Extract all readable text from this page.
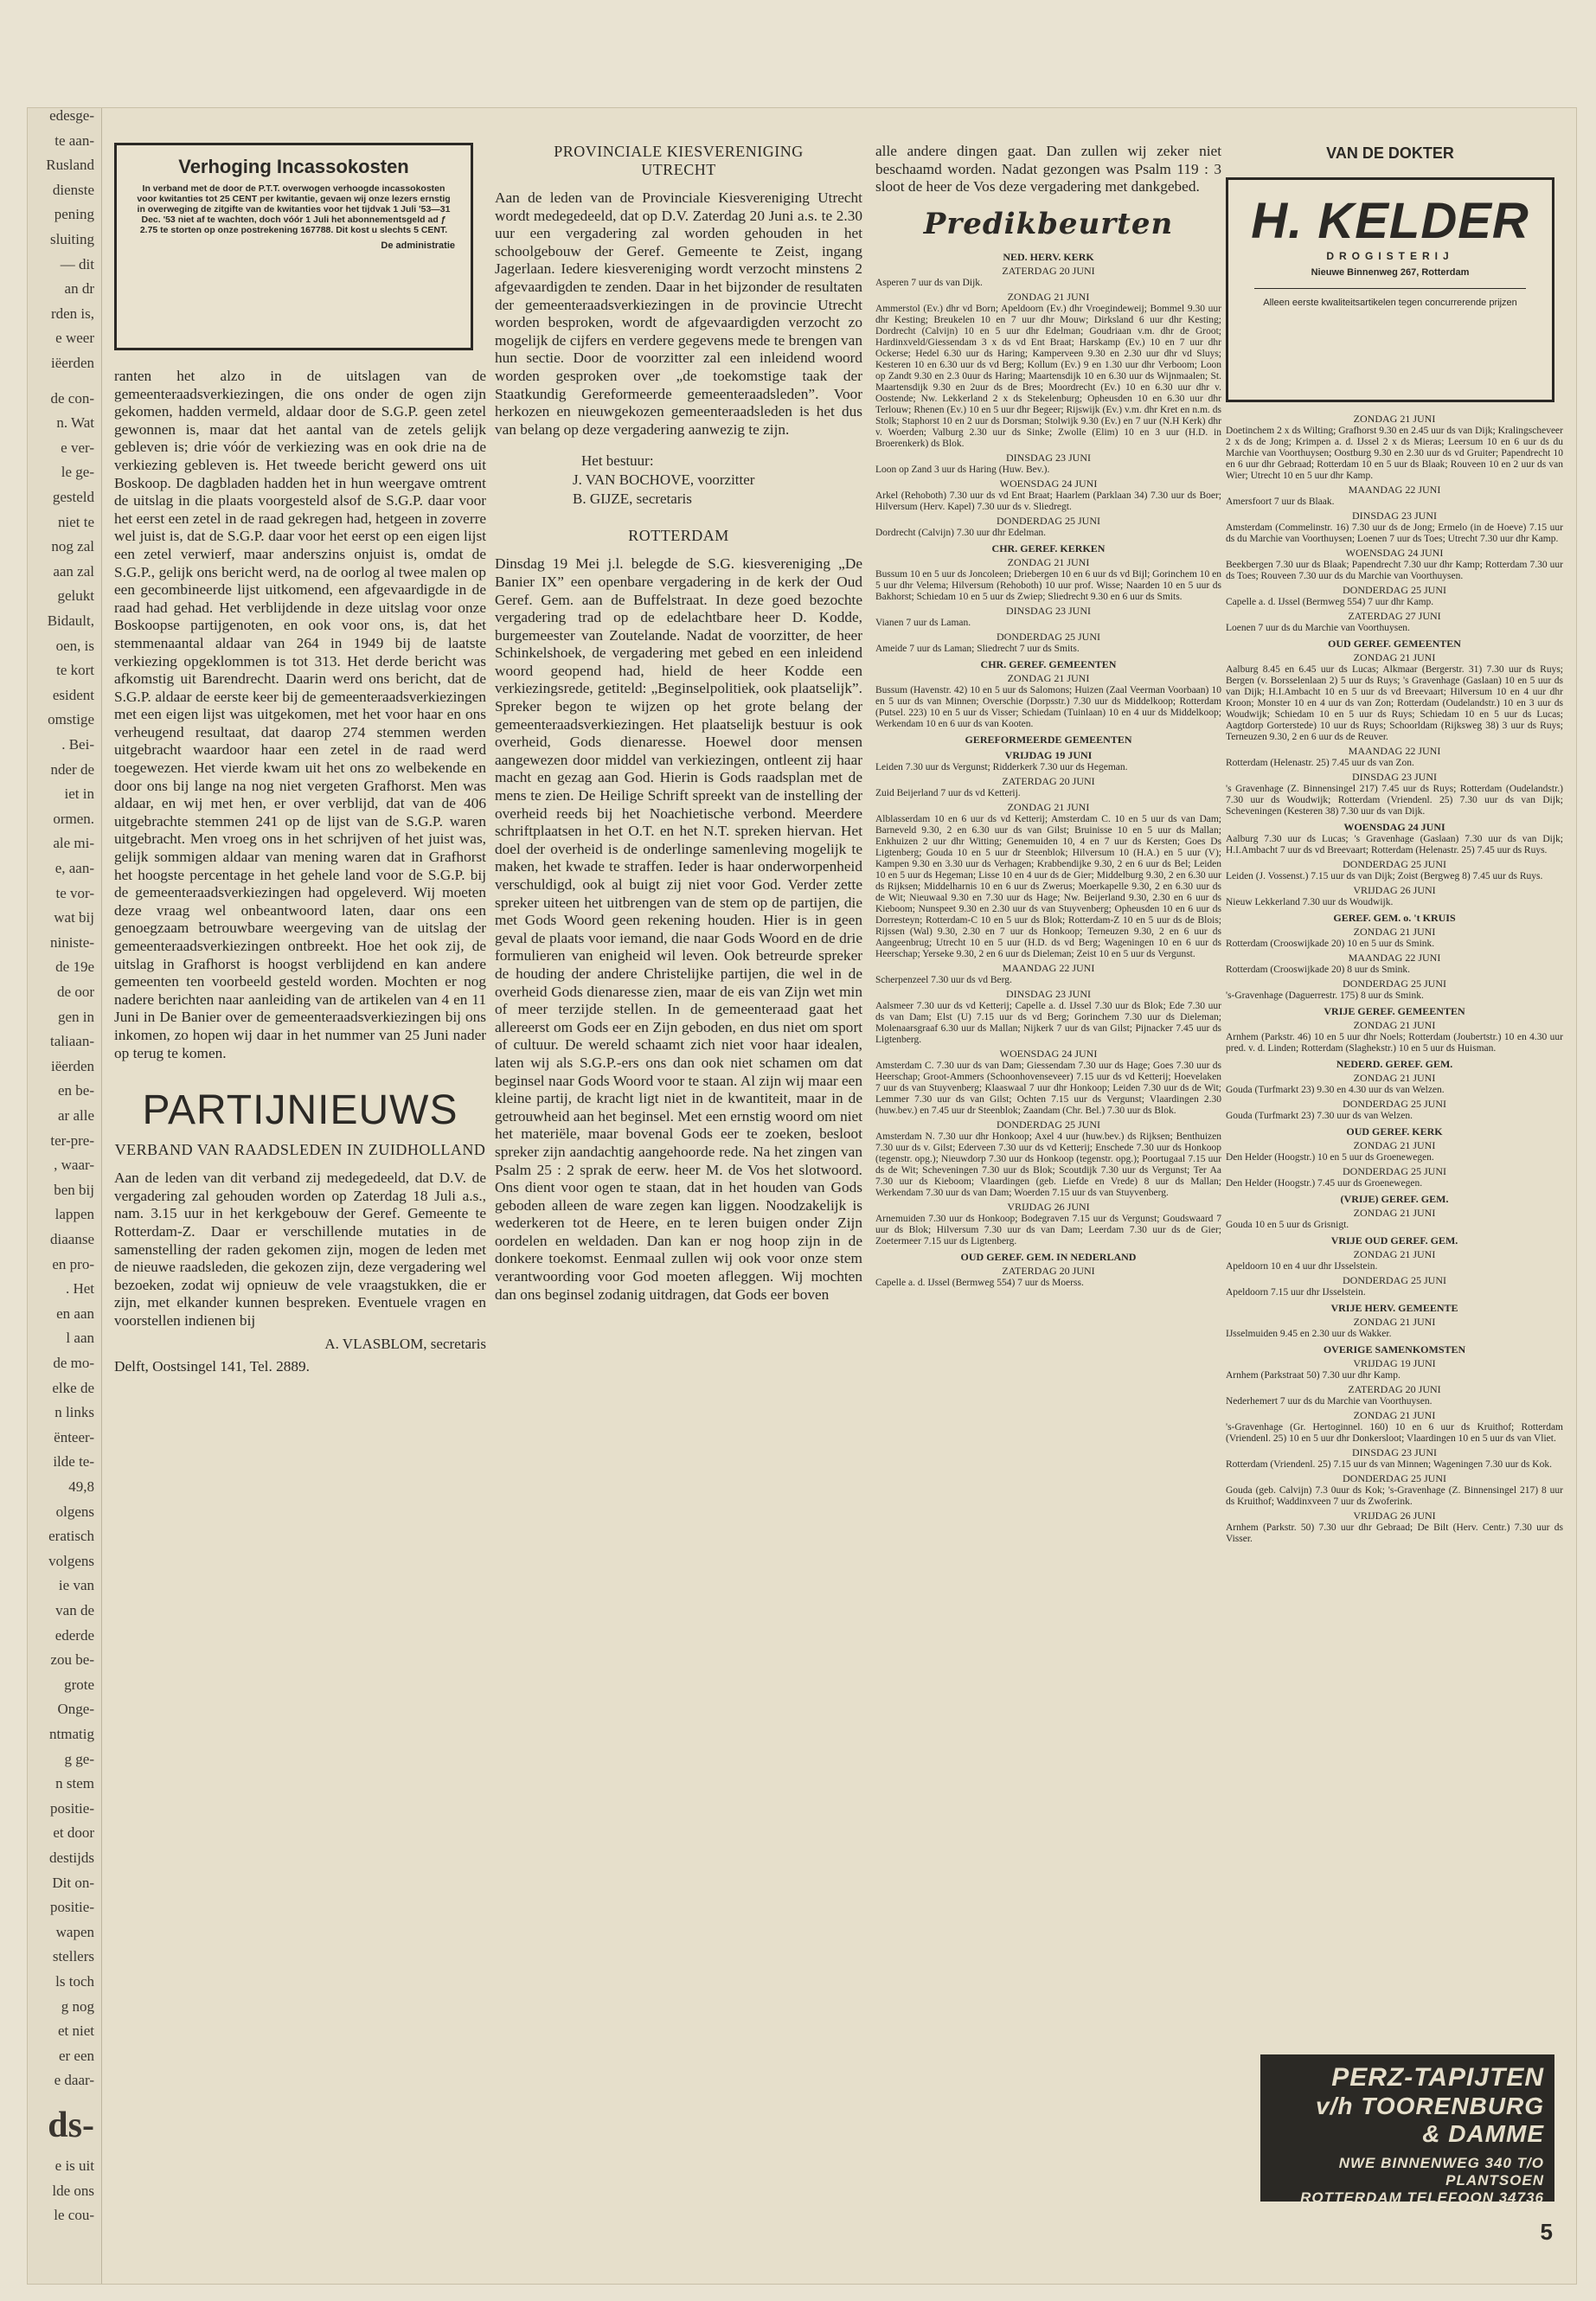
edesge-
te aan-
Rusland
dienste
pening
sluiting
— dit
an dr
rden is,
e weer
iëerden
de con-
n. Wat
e ver-
le ge-
gesteld
niet te
nog zal
aan zal
gelukt
Bidault,
oen, is
te kort
esident
omstige
. Bei-
nder de
iet in
ormen.
ale mi-
e, aan-
te vor-
wat bij
niniste-
de 19e
de oor
gen in
taliaan-
iëerden
en be-
ar alle
ter-pre-
, waar-
ben bij
lappen
diaanse
en pro-
. Het
en aan
l aan
de mo-
elke de
n links
ënteer-
ilde te-
49,8
olgens
eratisch
volgens
ie van
van de
ederde
zou be-
grote
Onge-
ntmatig
g ge-
n stem
positie-
et door
destijds
Dit on-
positie-
wapen
stellers
ls toch
g nog
et niet
er een
e daar-
ds-
e is uit
lde ons
le cou-
Verhoging Incassokosten
In verband met de door de P.T.T. overwogen verhoogde incassokosten voor kwitanties tot 25 CENT per kwitantie, gevaen wij onze lezers ernstig in overweging de zitgifte van de kwitanties voor het tijdvak 1 Juli '53—31 Dec. '53 niet af te wachten, doch vóór 1 Juli het abonnementsgeld ad ƒ 2.75 te storten op onze postrekening 167788. Dit kost u slechts 5 CENT.
De administratie
ranten het alzo in de uitslagen van de gemeenteraadsverkiezingen, die ons onder de ogen zijn gekomen, hadden vermeld, aldaar door de S.G.P. geen zetel gewonnen is, maar dat het aantal van de zetels gelijk gebleven is; drie vóór de verkiezing was en ook drie na de verkiezing gebleven is. Het tweede bericht gewerd ons uit Boskoop. De dagbladen hadden het in hun weergave omtrent de uitslag in die plaats voorgesteld alsof de S.G.P. daar voor het eerst een zetel in de raad gekregen had, hetgeen in zoverre wel juist is, dat de S.G.P. daar voor het eerst op een eigen lijst een zetel verwierf, maar anderszins onjuist is, omdat de S.G.P., gelijk ons bericht werd, na de oorlog al twee malen op een gecombineerde lijst uitkomend, een afgevaardigde in de raad had gehad. Het verblijdende in deze uitslag voor onze Boskoopse partijgenoten, en ook voor ons, is, dat het stemmenaantal aldaar van 264 in 1949 bij de laatste verkiezing opgeklommen is tot 313. Het derde bericht was afkomstig uit Barendrecht. Daarin werd ons bericht, dat de S.G.P. aldaar de eerste keer bij de gemeenteraadsverkiezingen met een eigen lijst was uitgekomen, met het voor haar en ons verheugend resultaat, dat daarop 274 stemmen werden uitgebracht waardoor haar een zetel in de raad werd toegewezen. Het vierde kwam uit het ons zo welbekende en door ons bij lange na nog niet vergeten Grafhorst. Men was aldaar, en wij met hen, er over verblijd, dat van de 406 uitgebrachte stemmen 241 op de lijst van de S.G.P. waren uitgebracht. Men vroeg ons in het schrijven of het juist was, gelijk sommigen aldaar van mening waren dat in Grafhorst het hoogste percentage in het gehele land voor de S.G.P. bij de gemeenteraadsverkiezingen had opgeleverd. Wij moeten deze vraag wel onbeantwoord laten, daar ons een genoegzaam betrouwbare weergeving van de uitslag der gemeenteraadsverkiezingen ontbreekt. Hoe het ook zij, de uitslag in Grafhorst is hoogst verblijdend en kan andere gemeenten ten voorbeeld gesteld worden. Mochten er nog nadere berichten naar aanleiding van de artikelen van 4 en 11 Juni in De Banier over de gemeenteraadsverkiezingen bij ons inkomen, zo hopen wij daar in het nummer van 25 Juni nader op terug te komen.
PARTIJNIEUWS
VERBAND VAN RAADSLEDEN IN ZUIDHOLLAND
Aan de leden van dit verband zij medegedeeld, dat D.V. de vergadering zal gehouden worden op Zaterdag 18 Juli a.s., nam. 3.15 uur in het kerkgebouw der Geref. Gemeente te Rotterdam-Z. Daar er verschillende mutaties in de samenstelling der raden gekomen zijn, mogen de leden met de nieuwe raadsleden, die gekozen zijn, deze vergadering wel bezoeken, zodat wij opnieuw de vele vraagstukken, die er zijn, met elkander kunnen bespreken. Eventuele vragen en voorstellen indienen bij
A. VLASBLOM, secretaris
Delft, Oostsingel 141, Tel. 2889.
PROVINCIALE KIESVERENIGING UTRECHT
Aan de leden van de Provinciale Kiesvereniging Utrecht wordt medegedeeld, dat op D.V. Zaterdag 20 Juni a.s. te 2.30 uur een vergadering zal worden gehouden in het schoolgebouw der Geref. Gemeente te Zeist, ingang Jagerlaan. Iedere kiesvereniging wordt verzocht minstens 2 afgevaardigden te zenden. Daar in het bijzonder de resultaten der gemeenteraadsverkiezingen in de provincie Utrecht worden besproken, wordt de afgevaardigden verzocht zo mogelijk de cijfers en verdere gegevens mede te brengen van hun sectie. Door de voorzitter zal een inleidend woord worden gesproken over „de toekomstige taak der Staatkundig Gereformeerde gemeenteraadsleden”. Voor herkozen en nieuwgekozen gemeenteraadsleden is het dus van belang op deze vergadering aanwezig te zijn.
Het bestuur:
J. VAN BOCHOVE, voorzitter
B. GIJZE, secretaris
ROTTERDAM
Dinsdag 19 Mei j.l. belegde de S.G. kiesvereniging „De Banier IX” een openbare vergadering in de kerk der Oud Geref. Gem. aan de Buffelstraat. In deze goed bezochte vergadering trad op de edelachtbare heer D. Kodde, burgemeester van Zoutelande. Nadat de voorzitter, de heer Schinkelshoek, de vergadering met gebed en een inleidend woord geopend had, hield de heer Kodde een verkiezingsrede, getiteld: „Beginselpolitiek, ook plaatselijk”. Spreker begon te wijzen op het grote belang der gemeenteraadsverkiezingen. Het plaatselijk bestuur is ook overheid, Gods dienaresse. Hoewel door mensen aangewezen door middel van verkiezingen, ontleent zij haar macht en gezag aan God. Hierin is Gods raadsplan met de mens te zien. De Heilige Schrift spreekt van de instelling der overheid reeds bij het Noachietische verbond. Meerdere schriftplaatsen in het O.T. en het N.T. spreken hiervan. Het doel der overheid is de onderlinge samenleving mogelijk te maken, het kwade te straffen. Ieder is haar onderworpenheid verschuldigd, ook al buigt zij niet voor God. Verder zette spreker uiteen het uitbrengen van de stem op de partijen, die met Gods Woord geen rekening houden. Hier is in geen geval de plaats voor iemand, die naar Gods Woord en de drie formulieren van enigheid wil leven. Ook betreurde spreker de houding der andere Christelijke partijen, die wel in de overheid Gods dienaresse zien, maar de eis van Zijn wet min of meer terzijde stellen. In de gemeenteraad gaat het allereerst om Gods eer en Zijn geboden, en dus niet om sport of cultuur. De wereld schaamt zich niet voor haar idealen, laten wij als S.G.P.-ers ons dan ook niet schamen om dat beginsel naar Gods Woord voor te staan. Al zijn wij maar een kleine partij, de kracht ligt niet in de kwantiteit, maar in de getrouwheid aan het beginsel. Met een ernstig woord om niet het materiële, maar bovenal Gods eer te zoeken, besloot spreker zijn aandachtig aangehoorde rede. Na het zingen van Psalm 25 : 2 sprak de eerw. heer M. de Vos het slotwoord. Ons dient voor ogen te staan, dat in het houden van Gods geboden alleen de ware zegen kan liggen. Noodzakelijk is wederkeren tot de Heere, en te leren buigen onder Zijn oordelen en weldaden. Dan kan er nog hoop zijn in de donkere toekomst. Eenmaal zullen wij ook voor onze stem verantwoording voor God moeten afleggen. Wij mochten dan ons beginsel zodanig uitdragen, dat Gods eer boven
alle andere dingen gaat. Dan zullen wij zeker niet beschaamd worden. Nadat gezongen was Psalm 119 : 3 sloot de heer de Vos deze vergadering met dankgebed.
Predikbeurten
NED. HERV. KERK
ZATERDAG 20 JUNI
Asperen 7 uur ds van Dijk.
ZONDAG 21 JUNI
Ammerstol (Ev.) dhr vd Born; Apeldoorn (Ev.) dhr Vroegindeweij; Bommel 9.30 uur dhr Kesting; Breukelen 10 en 7 uur dhr Mouw; Dirksland 6 uur dhr Kesting; Dordrecht (Calvijn) 10 en 5 uur dhr Edelman; Goudriaan v.m. dhr de Groot; Hardinxveld/Giessendam 3 x ds vd Ent Braat; Harskamp (Ev.) 10 en 7 uur dhr Ockerse; Hedel 6.30 uur ds Haring; Kamperveen 9.30 en 2.30 uur dhr vd Sluys; Kesteren 10 en 6.30 uur ds vd Berg; Kollum (Ev.) 9 en 1.30 uur dhr Verboom; Loon op Zandt 9.30 en 2.3 0uur ds Haring; Maartensdijk 10 en 6.30 uur ds Wijnmaalen; St. Maartensdijk 9.30 en 2uur ds de Bres; Moordrecht (Ev.) 10 en 6.30 uur dhr v. Oostende; Nw. Lekkerland 2 x ds Stekelenburg; Opheusden 10 en 6.30 uur dhr Terlouw; Rhenen (Ev.) 10 en 5 uur dhr Begeer; Rijswijk (Ev.) v.m. dhr Kret en n.m. ds Stolk; Staphorst 10 en 2 uur ds Dorsman; Stolwijk 9.30 (Ev.) en 7 uur (N.H Kerk) dhr v. Woerden; Valburg 2.30 uur ds Sinke; Zwolle (Elim) 10 en 3 uur (H.D. in Broerenkerk) ds Blok.
DINSDAG 23 JUNI
Loon op Zand 3 uur ds Haring (Huw. Bev.).
WOENSDAG 24 JUNI
Arkel (Rehoboth) 7.30 uur ds vd Ent Braat; Haarlem (Parklaan 34) 7.30 uur ds Boer; Hilversum (Herv. Kapel) 7.30 uur ds v. Sliedregt.
DONDERDAG 25 JUNI
Dordrecht (Calvijn) 7.30 uur dhr Edelman.
CHR. GEREF. KERKEN
ZONDAG 21 JUNI
Bussum 10 en 5 uur ds Joncoleen; Driebergen 10 en 6 uur ds vd Bijl; Gorinchem 10 en 5 uur dhr Velema; Hilversum (Rehoboth) 10 uur prof. Wisse; Naarden 10 en 5 uur ds Bakhorst; Schiedam 10 en 5 uur ds Zwiep; Sliedrecht 9.30 en 6 uur ds Smits.
DINSDAG 23 JUNI
Vianen 7 uur ds Laman.
DONDERDAG 25 JUNI
Ameide 7 uur ds Laman; Sliedrecht 7 uur ds Smits.
CHR. GEREF. GEMEENTEN
ZONDAG 21 JUNI
Bussum (Havenstr. 42) 10 en 5 uur ds Salomons; Huizen (Zaal Veerman Voorbaan) 10 en 5 uur ds van Minnen; Overschie (Dorpsstr.) 7.30 uur ds Middelkoop; Rotterdam (Putsel. 223) 10 en 5 uur ds Visser; Schiedam (Tuinlaan) 10 en 4 uur ds Middelkoop; Werkendam 10 en 6 uur ds van Kooten.
GEREFORMEERDE GEMEENTEN
VRIJDAG 19 JUNI
Leiden 7.30 uur ds Vergunst; Ridderkerk 7.30 uur ds Hegeman.
ZATERDAG 20 JUNI
Zuid Beijerland 7 uur ds vd Ketterij.
ZONDAG 21 JUNI
Alblasserdam 10 en 6 uur ds vd Ketterij; Amsterdam C. 10 en 5 uur ds van Dam; Barneveld 9.30, 2 en 6.30 uur ds van Gilst; Bruinisse 10 en 5 uur ds Mallan; Enkhuizen 2 uur dhr Witting; Genemuiden 10, 4 en 7 uur ds Kersten; Goes Ds Ligtenberg; Gouda 10 en 5 uur dr Steenblok; Hilversum 10 (H.A.) en 5 uur (V); Kampen 9.30 en 3.30 uur ds Verhagen; Krabbendijke 9.30, 2 en 6 uur ds Bel; Leiden 10 en 5 uur ds Hegeman; Lisse 10 en 4 uur ds de Gier; Middelburg 9.30, 2 en 6.30 uur ds Rijksen; Middelharnis 10 en 6 uur ds Zwerus; Moerkapelle 9.30, 2 en 6.30 uur ds de Wit; Nieuwaal 9.30 en 7.30 uur ds Hage; Nw. Beijerland 9.30, 2.30 en 6 uur ds Kieboom; Nunspeet 9.30 en 2.30 uur ds van Stuyvenberg; Opheusden 10 en 6 uur ds Dorresteyn; Rotterdam-C 10 en 5 uur ds Blok; Rotterdam-Z 10 en 5 uur ds de Blois; Rijssen (Wal) 9.30, 2.30 en 7 uur ds Honkoop; Terneuzen 9.30, 2 en 6 uur ds Aangeenbrug; Utrecht 10 en 5 uur (H.D. ds vd Berg; Wageningen 10 en 6 uur ds Heerschap; Yerseke 9.30, 2 en 6 uur ds Dieleman; Zeist 10 en 5 uur ds Vergunst.
MAANDAG 22 JUNI
Scherpenzeel 7.30 uur ds vd Berg.
DINSDAG 23 JUNI
Aalsmeer 7.30 uur ds vd Ketterij; Capelle a. d. IJssel 7.30 uur ds Blok; Ede 7.30 uur ds van Dam; Elst (U) 7.15 uur ds vd Berg; Gorinchem 7.30 uur ds Dieleman; Molenaarsgraaf 6.30 uur ds Mallan; Nijkerk 7 uur ds van Gilst; Pijnacker 7.45 uur ds Ligtenberg.
WOENSDAG 24 JUNI
Amsterdam C. 7.30 uur ds van Dam; Giessendam 7.30 uur ds Hage; Goes 7.30 uur ds Heerschap; Groot-Ammers (Schoonhovenseveer) 7.15 uur ds vd Ketterij; Hoevelaken 7 uur ds van Stuyvenberg; Klaaswaal 7 uur dhr Honkoop; Leiden 7.30 uur ds de Wit; Lemmer 7.30 uur ds van Gilst; Ochten 7.15 uur ds Vergunst; Vlaardingen 2.30 (huw.bev.) en 7.45 uur dr Steenblok; Zaandam (Chr. Bel.) 7.30 uur ds Blok.
DONDERDAG 25 JUNI
Amsterdam N. 7.30 uur dhr Honkoop; Axel 4 uur (huw.bev.) ds Rijksen; Benthuizen 7.30 uur ds v. Gilst; Ederveen 7.30 uur ds vd Ketterij; Enschede 7.30 uur ds Honkoop (tegenstr. opg.); Nieuwdorp 7.30 uur ds Honkoop (tegenstr. opg.); Poortugaal 7.15 uur ds de Wit; Scheveningen 7.30 uur ds Blok; Scoutdijk 7.30 uur ds Vergunst; Ter Aa 7.30 uur ds Kieboom; Vlaardingen (geb. Liefde en Vrede) 8 uur ds Mallan; Werkendam 7.30 uur ds van Dam; Woerden 7.15 uur ds van Stuyvenberg.
VRIJDAG 26 JUNI
Arnemuiden 7.30 uur ds Honkoop; Bodegraven 7.15 uur ds Vergunst; Goudswaard 7 uur ds Blok; Hilversum 7.30 uur ds van Dam; Leerdam 7.30 uur ds de Gier; Zoetermeer 7.15 uur ds Ligtenberg.
OUD GEREF. GEM. IN NEDERLAND
ZATERDAG 20 JUNI
Capelle a. d. IJssel (Bermweg 554) 7 uur ds Moerss.
VAN DE DOKTER
H. KELDER
DROGISTERIJ
Nieuwe Binnenweg 267, Rotterdam
Alleen eerste kwaliteitsartikelen tegen concurrerende prijzen
ZONDAG 21 JUNI
Doetinchem 2 x ds Wilting; Grafhorst 9.30 en 2.45 uur ds van Dijk; Kralingscheveer 2 x ds de Jong; Krimpen a. d. IJssel 2 x ds Mieras; Leersum 10 en 6 uur ds du Marchie van Voorthuysen; Oostburg 9.30 en 2.30 uur ds vd Gruiter; Papendrecht 10 en 6 uur dhr Gebraad; Rotterdam 10 en 5 uur ds Blaak; Rouveen 10 en 2 uur ds van Wier; Utrecht 10 en 5 uur dhr Kamp.
MAANDAG 22 JUNI
Amersfoort 7 uur ds Blaak.
DINSDAG 23 JUNI
Amsterdam (Commelinstr. 16) 7.30 uur ds de Jong; Ermelo (in de Hoeve) 7.15 uur ds du Marchie van Voorthuysen; Loenen 7 uur ds Toes; Utrecht 7.30 uur dhr Kamp.
WOENSDAG 24 JUNI
Beekbergen 7.30 uur ds Blaak; Papendrecht 7.30 uur dhr Kamp; Rotterdam 7.30 uur ds Toes; Rouveen 7.30 uur ds du Marchie van Voorthuysen.
DONDERDAG 25 JUNI
Capelle a. d. IJssel (Bermweg 554) 7 uur dhr Kamp.
ZATERDAG 27 JUNI
Loenen 7 uur ds du Marchie van Voorthuysen.
OUD GEREF. GEMEENTEN
ZONDAG 21 JUNI
Aalburg 8.45 en 6.45 uur ds Lucas; Alkmaar (Bergerstr. 31) 7.30 uur ds Ruys; Bergen (v. Borsselenlaan 2) 5 uur ds Ruys; 's Gravenhage (Gaslaan) 10 en 5 uur ds van Dijk; H.I.Ambacht 10 en 5 uur ds vd Breevaart; Hilversum 10 en 4 uur dhr Kroon; Monster 10 en 4 uur ds van Zon; Rotterdam (Oudelandstr.) 10 en 3 uur ds Woudwijk; Schiedam 10 en 5 uur ds Ruys; Schiedam 10 en 5 uur ds Lucas; Aagtdorp Gorterstede) 10 uur ds Ruys; Schoorldam (Rijksweg 38) 3 uur ds Ruys; Terneuzen 9.30, 2 en 6 uur ds de Reuver.
MAANDAG 22 JUNI
Rotterdam (Helenastr. 25) 7.45 uur ds van Zon.
DINSDAG 23 JUNI
's Gravenhage (Z. Binnensingel 217) 7.45 uur ds Ruys; Rotterdam (Oudelandstr.) 7.30 uur ds Woudwijk; Rotterdam (Vriendenl. 25) 7.30 uur ds van Dijk; Scheveningen (Kesteren 38) 7.30 uur ds van Dijk.
WOENSDAG 24 JUNI
Aalburg 7.30 uur ds Lucas; 's Gravenhage (Gaslaan) 7.30 uur ds van Dijk; H.I.Ambacht 7 uur ds vd Breevaart; Rotterdam (Helenastr. 25) 7.45 uur ds Ruys.
DONDERDAG 25 JUNI
Leiden (J. Vossenst.) 7.15 uur ds van Dijk; Zoist (Bergweg 8) 7.45 uur ds Ruys.
VRIJDAG 26 JUNI
Nieuw Lekkerland 7.30 uur ds Woudwijk.
GEREF. GEM. o. 't KRUIS
ZONDAG 21 JUNI
Rotterdam (Crooswijkade 20) 10 en 5 uur ds Smink.
MAANDAG 22 JUNI
Rotterdam (Crooswijkade 20) 8 uur ds Smink.
DONDERDAG 25 JUNI
's-Gravenhage (Daguerrestr. 175) 8 uur ds Smink.
VRIJE GEREF. GEMEENTEN
ZONDAG 21 JUNI
Arnhem (Parkstr. 46) 10 en 5 uur dhr Noels; Rotterdam (Joubertstr.) 10 en 4.30 uur pred. v. d. Linden; Rotterdam (Slaghekstr.) 10 en 5 uur ds Huisman.
NEDERD. GEREF. GEM.
ZONDAG 21 JUNI
Gouda (Turfmarkt 23) 9.30 en 4.30 uur ds van Welzen.
DONDERDAG 25 JUNI
Gouda (Turfmarkt 23) 7.30 uur ds van Welzen.
OUD GEREF. KERK
ZONDAG 21 JUNI
Den Helder (Hoogstr.) 10 en 5 uur ds Groenewegen.
DONDERDAG 25 JUNI
Den Helder (Hoogstr.) 7.45 uur ds Groenewegen.
(VRIJE) GEREF. GEM.
ZONDAG 21 JUNI
Gouda 10 en 5 uur ds Grisnigt.
VRIJE OUD GEREF. GEM.
ZONDAG 21 JUNI
Apeldoorn 10 en 4 uur dhr IJsselstein.
DONDERDAG 25 JUNI
Apeldoorn 7.15 uur dhr IJsselstein.
VRIJE HERV. GEMEENTE
ZONDAG 21 JUNI
IJsselmuiden 9.45 en 2.30 uur ds Wakker.
OVERIGE SAMENKOMSTEN
VRIJDAG 19 JUNI
Arnhem (Parkstraat 50) 7.30 uur dhr Kamp.
ZATERDAG 20 JUNI
Nederhemert 7 uur ds du Marchie van Voorthuysen.
ZONDAG 21 JUNI
's-Gravenhage (Gr. Hertoginnel. 160) 10 en 6 uur ds Kruithof; Rotterdam (Vriendenl. 25) 10 en 5 uur dhr Donkersloot; Vlaardingen 10 en 5 uur ds van Vliet.
DINSDAG 23 JUNI
Rotterdam (Vriendenl. 25) 7.15 uur ds van Minnen; Wageningen 7.30 uur ds Kok.
DONDERDAG 25 JUNI
Gouda (geb. Calvijn) 7.3 0uur ds Kok; 's-Gravenhage (Z. Binnensingel 217) 8 uur ds Kruithof; Waddinxveen 7 uur ds Zwoferink.
VRIJDAG 26 JUNI
Arnhem (Parkstr. 50) 7.30 uur dhr Gebraad; De Bilt (Herv. Centr.) 7.30 uur ds Visser.
PERZ-TAPIJTEN
v/h TOORENBURG
& DAMME
NWE BINNENWEG 340 T/O PLANTSOEN
ROTTERDAM TELEFOON 34736
5
